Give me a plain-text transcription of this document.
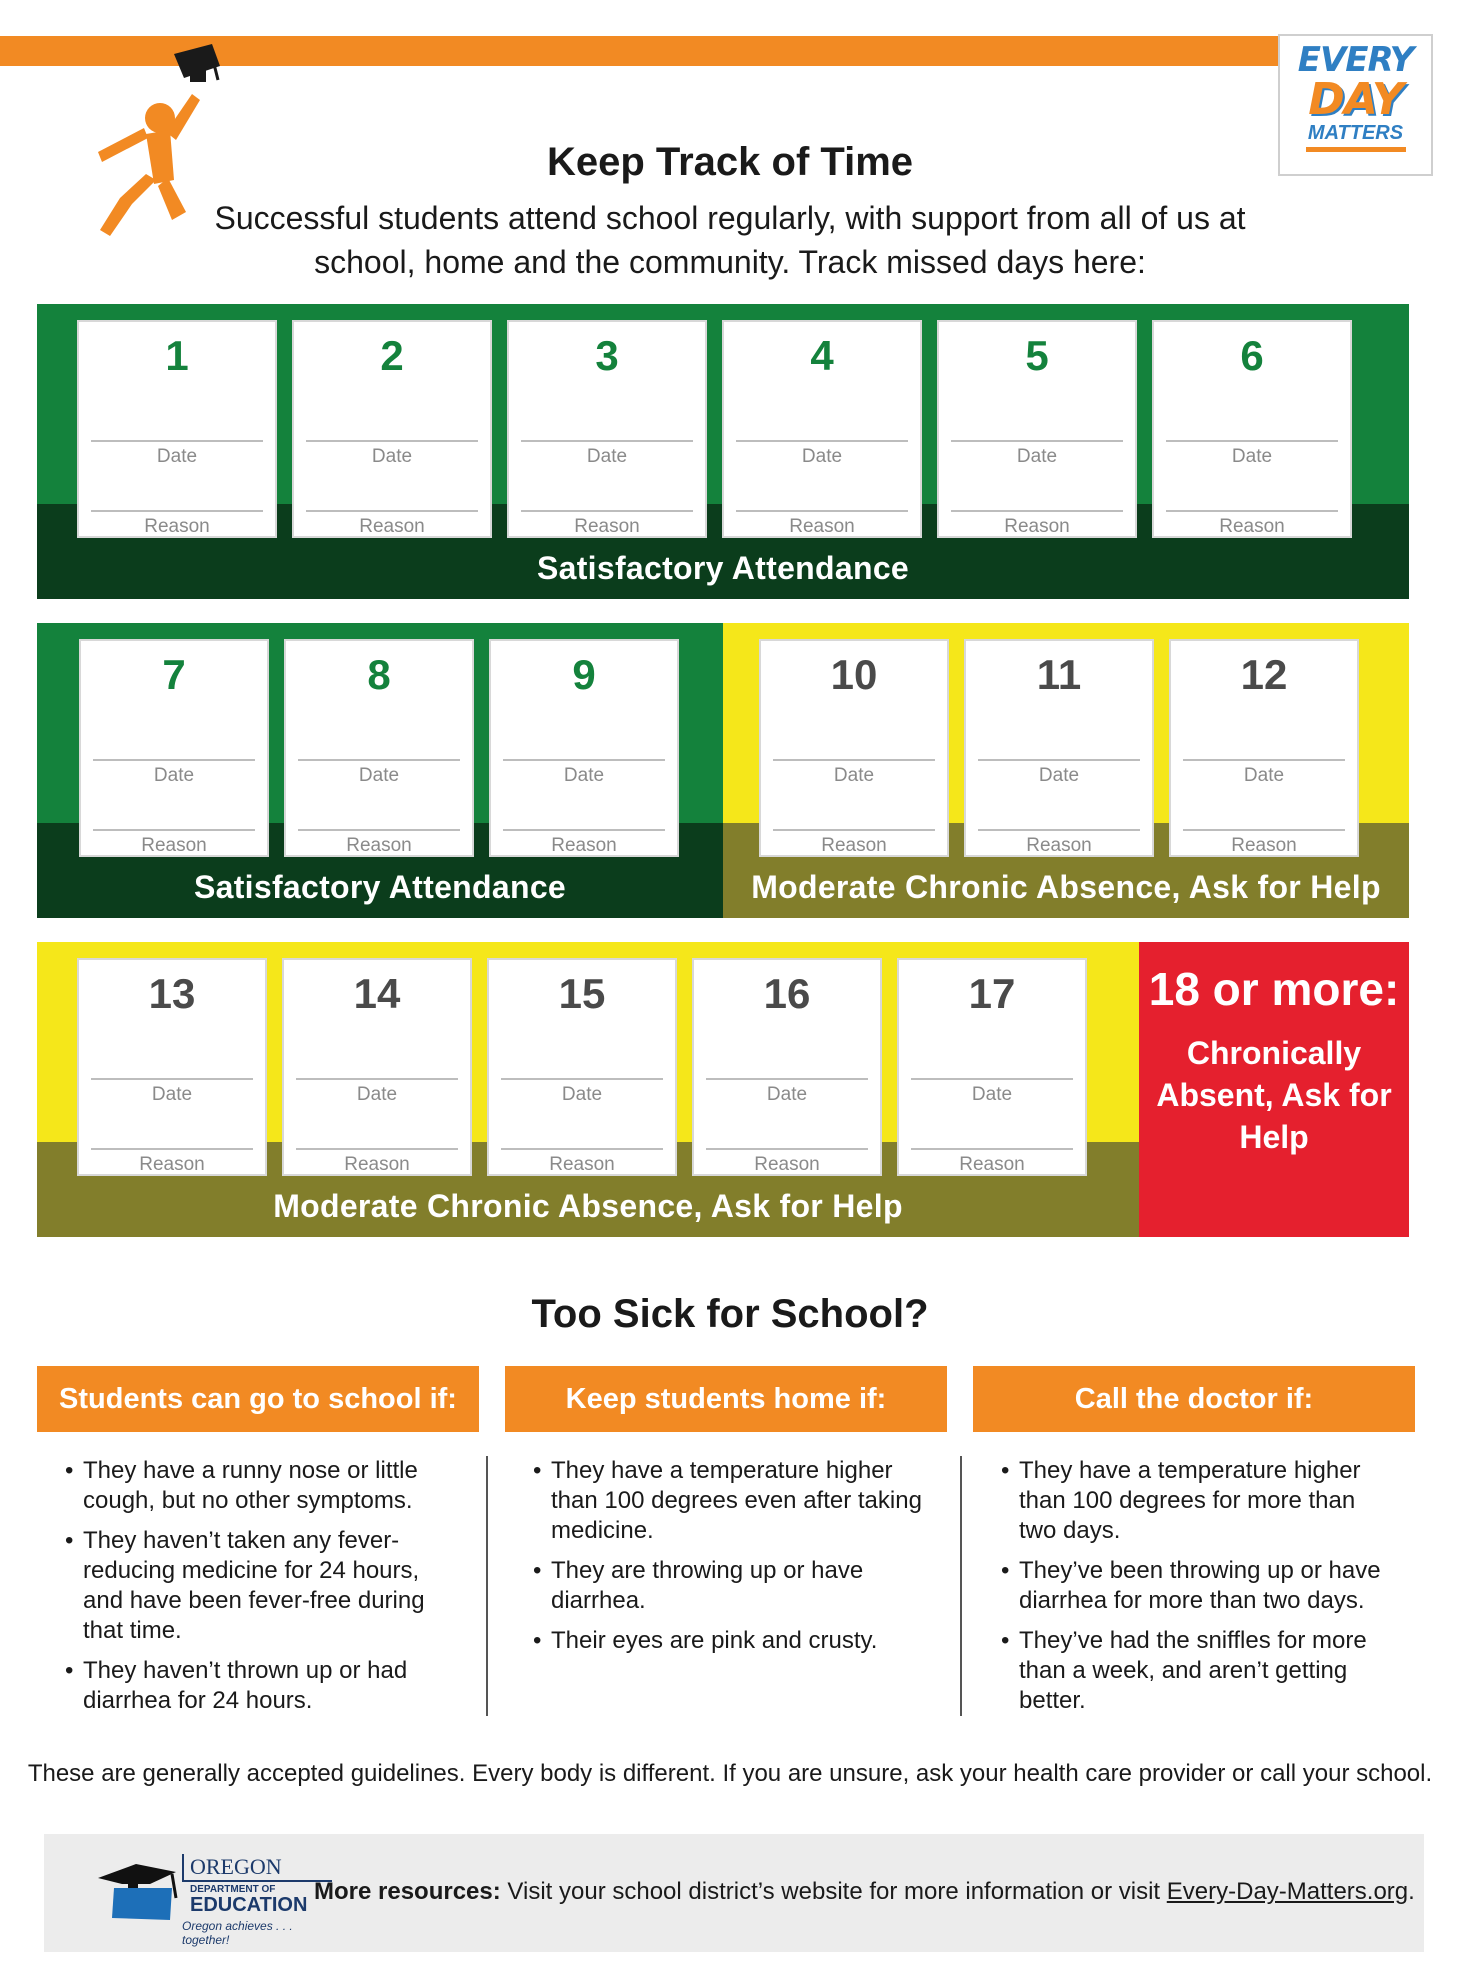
EVERY
DAY
MATTERS
Keep Track of Time
Successful students attend school regularly, with support from all of us at school, home and the community. Track missed days here:
1
Date
Reason
2
Date
Reason
3
Date
Reason
4
Date
Reason
5
Date
Reason
6
Date
Reason
Satisfactory Attendance
7
Date
Reason
8
Date
Reason
9
Date
Reason
Satisfactory Attendance
10
Date
Reason
11
Date
Reason
12
Date
Reason
Moderate Chronic Absence, Ask for Help
13
Date
Reason
14
Date
Reason
15
Date
Reason
16
Date
Reason
17
Date
Reason
Moderate Chronic Absence, Ask for Help
18 or more:
Chronically Absent, Ask for Help
Too Sick for School?
Students can go to school if:
• They have a runny nose or little cough, but no other symptoms.
• They haven’t taken any fever-reducing medicine for 24 hours, and have been fever-free during that time.
• They haven’t thrown up or had diarrhea for 24 hours.
Keep students home if:
• They have a temperature higher than 100 degrees even after taking medicine.
• They are throwing up or have diarrhea.
• Their eyes are pink and crusty.
Call the doctor if:
• They have a temperature higher than 100 degrees for more than two days.
• They’ve been throwing up or have diarrhea for more than two days.
• They’ve had the sniffles for more than a week, and aren’t getting better.
These are generally accepted guidelines. Every body is different. If you are unsure, ask your health care provider or call your school.
OREGON
DEPARTMENT OF
EDUCATION
Oregon achieves . . . together!
More resources: Visit your school district’s website for more information or visit Every-Day-Matters.org.
